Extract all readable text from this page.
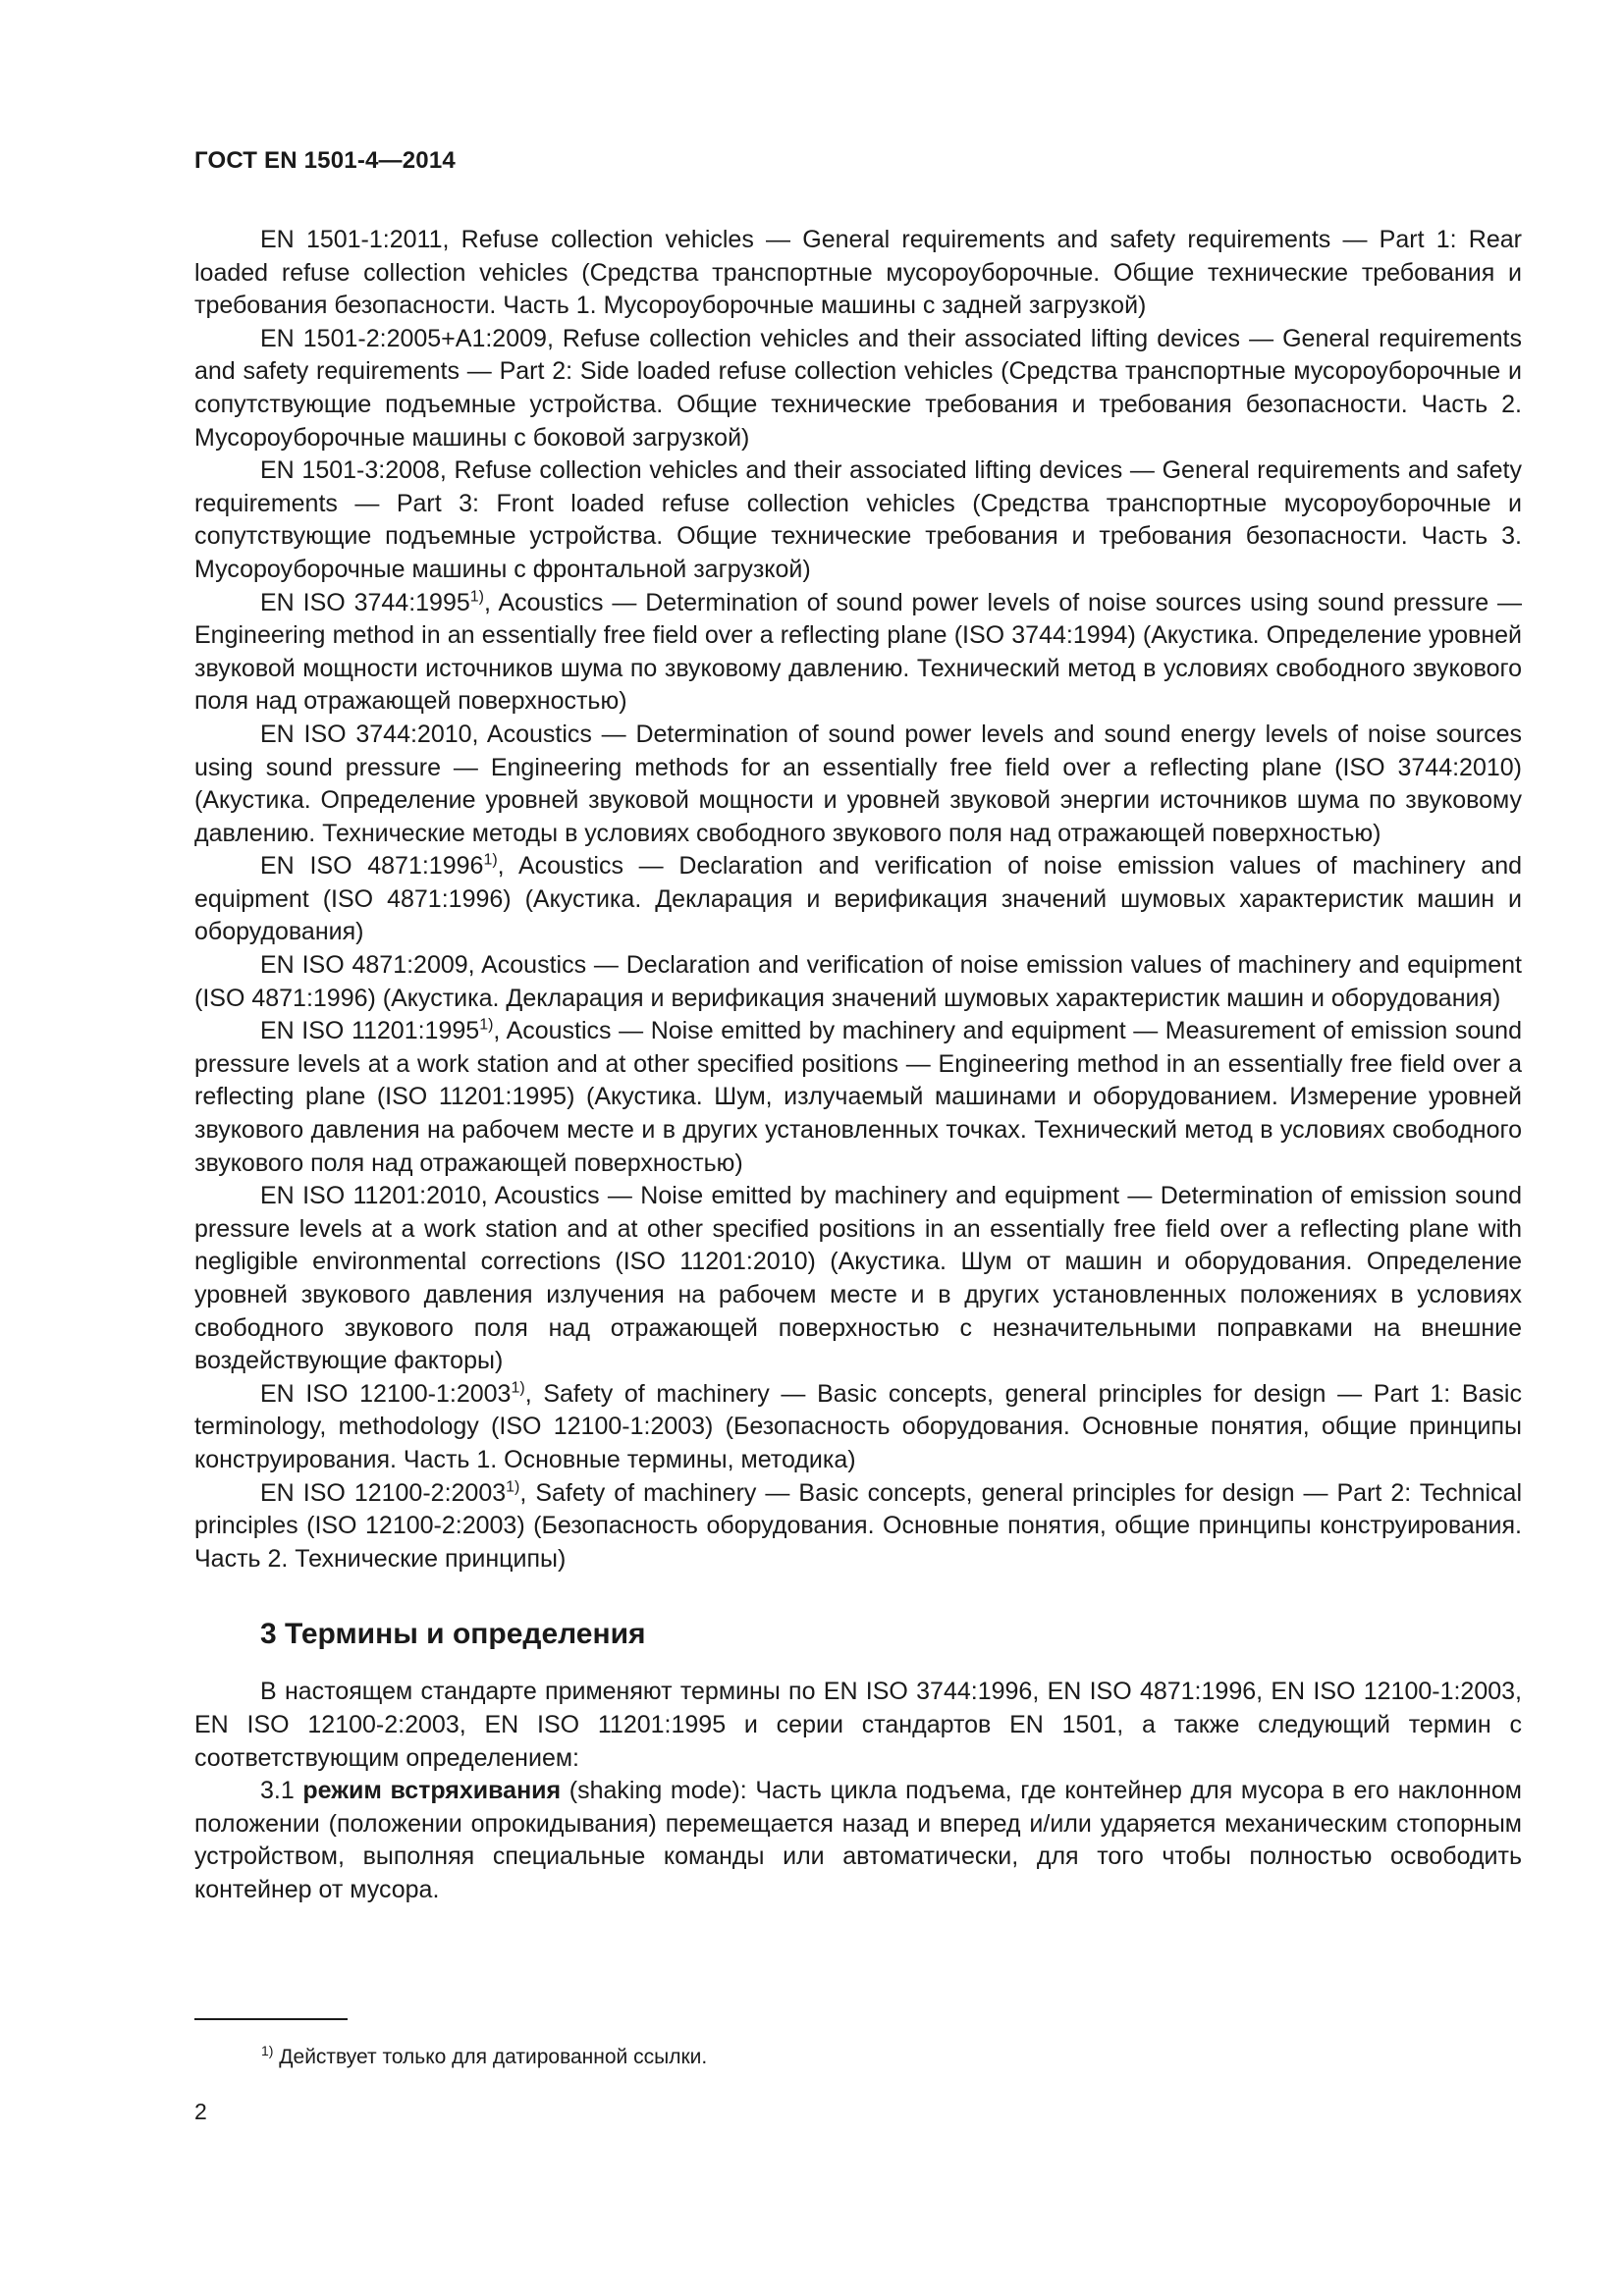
ГОСТ EN 1501-4—2014

EN 1501-1:2011, Refuse collection vehicles — General requirements and safety requirements — Part 1: Rear loaded refuse collection vehicles (Средства транспортные мусороуборочные. Общие технические требования и требования безопасности. Часть 1. Мусороуборочные машины с задней загрузкой)

EN 1501-2:2005+A1:2009, Refuse collection vehicles and their associated lifting devices — General requirements and safety requirements — Part 2: Side loaded refuse collection vehicles (Средства транспортные мусороуборочные и сопутствующие подъемные устройства. Общие технические требования и требования безопасности. Часть 2. Мусороуборочные машины с боковой загрузкой)

EN 1501-3:2008, Refuse collection vehicles and their associated lifting devices — General requirements and safety requirements — Part 3: Front loaded refuse collection vehicles (Средства транспортные мусороуборочные и сопутствующие подъемные устройства. Общие технические требования и требования безопасности. Часть 3. Мусороуборочные машины с фронтальной загрузкой)

EN ISO 3744:1995$^{1)}$, Acoustics — Determination of sound power levels of noise sources using sound pressure — Engineering method in an essentially free field over a reflecting plane (ISO 3744:1994) (Акустика. Определение уровней звуковой мощности источников шума по звуковому давлению. Технический метод в условиях свободного звукового поля над отражающей поверхностью)

EN ISO 3744:2010, Acoustics — Determination of sound power levels and sound energy levels of noise sources using sound pressure — Engineering methods for an essentially free field over a reflecting plane (ISO 3744:2010) (Акустика. Определение уровней звуковой мощности и уровней звуковой энергии источников шума по звуковому давлению. Технические методы в условиях свободного звукового поля над отражающей поверхностью)

EN ISO 4871:1996$^{1)}$, Acoustics — Declaration and verification of noise emission values of machinery and equipment (ISO 4871:1996) (Акустика. Декларация и верификация значений шумовых характеристик машин и оборудования)

EN ISO 4871:2009, Acoustics — Declaration and verification of noise emission values of machinery and equipment (ISO 4871:1996) (Акустика. Декларация и верификация значений шумовых характеристик машин и оборудования)

EN ISO 11201:1995$^{1)}$, Acoustics — Noise emitted by machinery and equipment — Measurement of emission sound pressure levels at a work station and at other specified positions — Engineering method in an essentially free field over a reflecting plane (ISO 11201:1995) (Акустика. Шум, излучаемый машинами и оборудованием. Измерение уровней звукового давления на рабочем месте и в других установленных точках. Технический метод в условиях свободного звукового поля над отражающей поверхностью)

EN ISO 11201:2010, Acoustics — Noise emitted by machinery and equipment — Determination of emission sound pressure levels at a work station and at other specified positions in an essentially free field over a reflecting plane with negligible environmental corrections (ISO 11201:2010) (Акустика. Шум от машин и оборудования. Определение уровней звукового давления излучения на рабочем месте и в других установленных положениях в условиях свободного звукового поля над отражающей поверхностью с незначительными поправками на внешние воздействующие факторы)

EN ISO 12100-1:2003$^{1)}$, Safety of machinery — Basic concepts, general principles for design — Part 1: Basic terminology, methodology (ISO 12100-1:2003) (Безопасность оборудования. Основные понятия, общие принципы конструирования. Часть 1. Основные термины, методика)

EN ISO 12100-2:2003$^{1)}$, Safety of machinery — Basic concepts, general principles for design — Part 2: Technical principles (ISO 12100-2:2003) (Безопасность оборудования. Основные понятия, общие принципы конструирования. Часть 2. Технические принципы)

3 Термины и определения

В настоящем стандарте применяют термины по EN ISO 3744:1996, EN ISO 4871:1996, EN ISO 12100-1:2003, EN ISO 12100-2:2003, EN ISO 11201:1995 и серии стандартов EN 1501, а также следующий термин с соответствующим определением:

3.1 режим встряхивания (shaking mode): Часть цикла подъема, где контейнер для мусора в его наклонном положении (положении опрокидывания) перемещается назад и вперед и/или ударяется механическим стопорным устройством, выполняя специальные команды или автоматически, для того чтобы полностью освободить контейнер от мусора.

$^{1)}$ Действует только для датированной ссылки.
2
